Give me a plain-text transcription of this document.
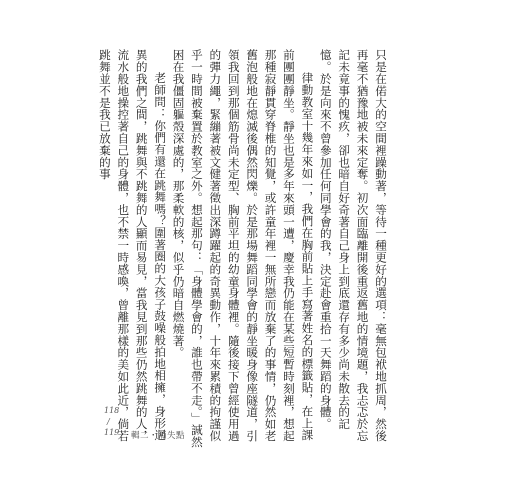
只是在偌大的空間裡躁動著，等待一種更好的選項：毫無包袱地抓周，然後再毫不猶豫地被未來定奪。初次面臨離開後重返舊地的情境題，我忐忑於忘記未竟事的愧疚，卻也暗自好奇著自己身上到底還存有多少尚未散去的記憶。於是向來不曾參加任何同學會的我，決定赴會重拾一天舞蹈的身體。

律動教室十幾年來如一，我們在胸前貼上手寫著姓名的標籤貼，在上課前團團靜坐。靜坐也是多年來頭一遭，慶幸我仍能在某些短暫時刻裡，想起那種寂靜貫穿脊椎的知覺，或許童年裡一無所戀而放棄了的事情，仍然如老舊泡般地在熄滅後偶然閃爍。於是那場舞蹈同學會的靜坐暖身像座隧道，引領我回到那個筋骨尚未定型、胸前平坦的幼童身體裡。隨後接下曾經使用過的彈力繩，緊繃著被文健著徵出深蹲躍起的奇異動作，十年來累積的拘謹似乎一時間被棄置於教室之外。想起那句：「身體學會的，誰也帶不走。」誠然困在我僵固軀殼深處的，那柔軟的核，似乎仍暗自燃燒著。

老師問：你們有還在跳舞嗎？圍著圈的大孩子鼓噪般拍地相擁，身形迥異的我們之間，跳舞與不跳舞的人顯而易見，當我見到那些仍然跳舞的人，流水般地操控著自己的身體，也不禁一時感喚，曾離那樣的美如此近，倘若跳舞並不是我已放棄的事

118
/
119 輯二・消失點
